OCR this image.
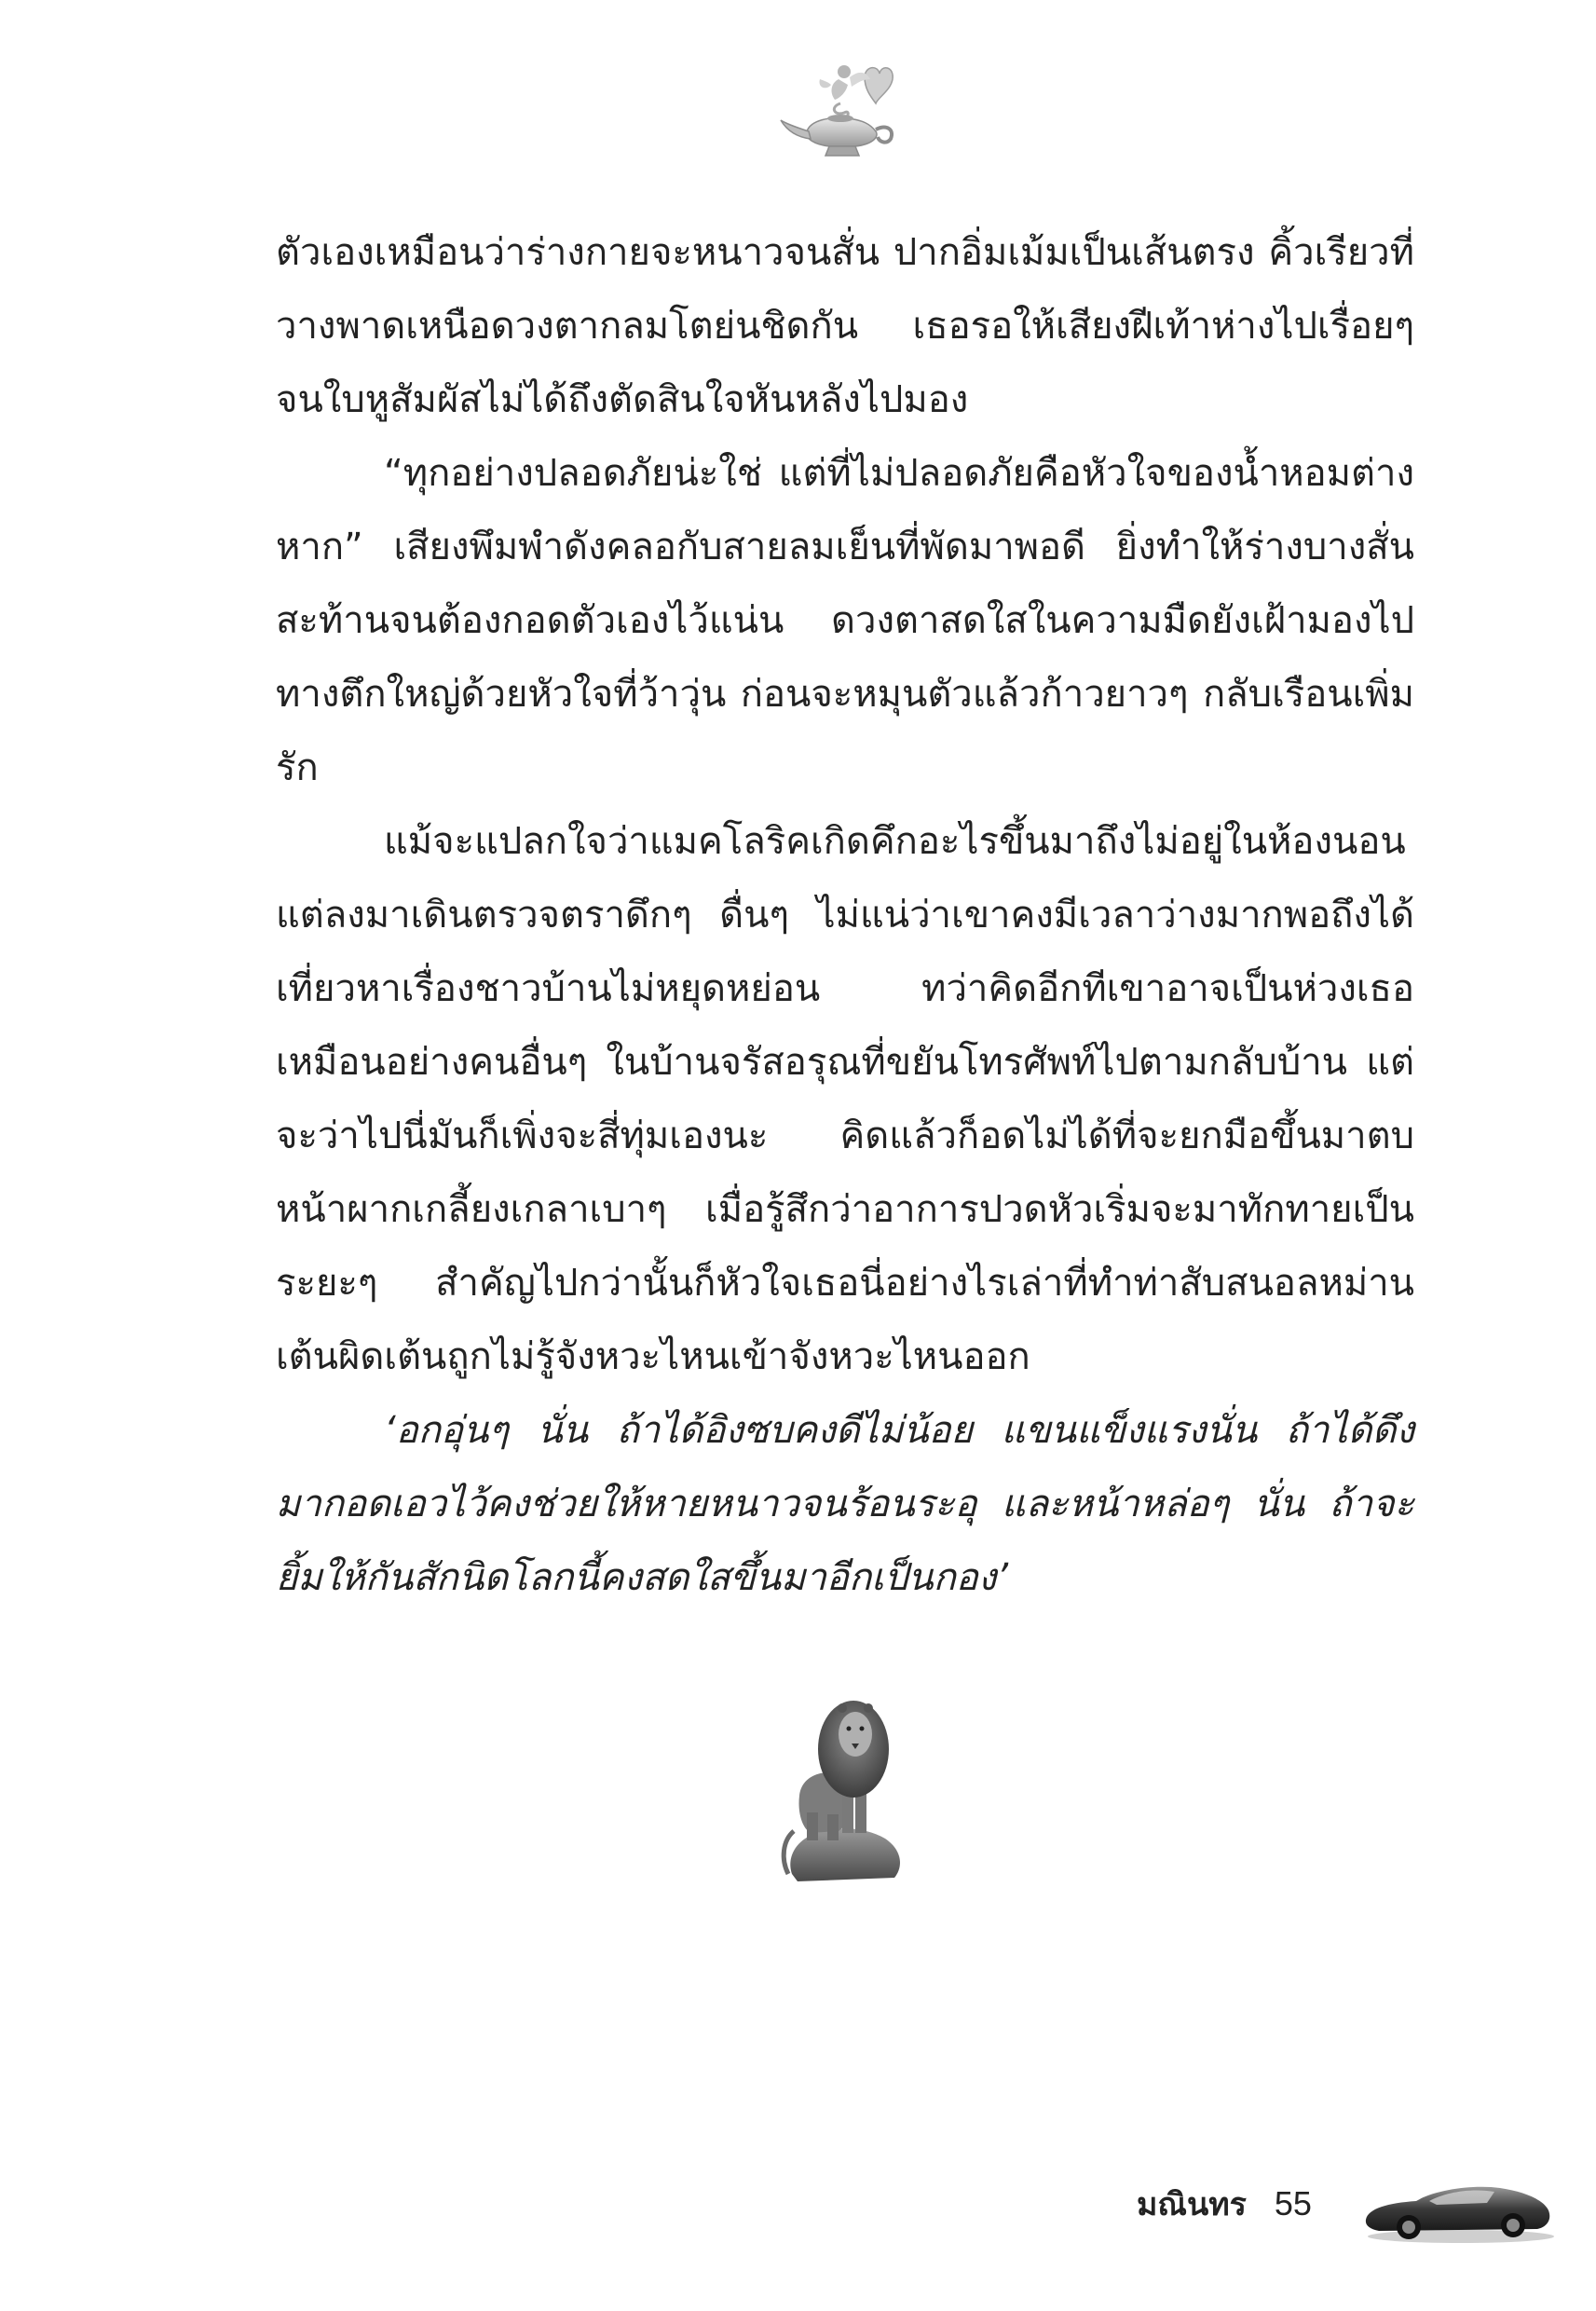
ตัวเองเหมือนว่าร่างกายจะหนาวจนสั่น ปากอิ่มเม้มเป็นเส้นตรง คิ้วเรียวที่วางพาดเหนือดวงตากลมโตย่นชิดกัน เธอรอให้เสียงฝีเท้าห่างไปเรื่อยๆ จนใบหูสัมผัสไม่ได้ถึงตัดสินใจหันหลังไปมอง

“ทุกอย่างปลอดภัยน่ะใช่ แต่ที่ไม่ปลอดภัยคือหัวใจของน้ำหอมต่างหาก” เสียงพึมพำดังคลอกับสายลมเย็นที่พัดมาพอดี ยิ่งทำให้ร่างบางสั่นสะท้านจนต้องกอดตัวเองไว้แน่น ดวงตาสดใสในความมืดยังเฝ้ามองไปทางตึกใหญ่ด้วยหัวใจที่ว้าวุ่น ก่อนจะหมุนตัวแล้วก้าวยาวๆ กลับเรือนเพิ่มรัก

แม้จะแปลกใจว่าแมคโลริคเกิดคึกอะไรขึ้นมาถึงไม่อยู่ในห้องนอน แต่ลงมาเดินตรวจตราดึกๆ ดื่นๆ ไม่แน่ว่าเขาคงมีเวลาว่างมากพอถึงได้เที่ยวหาเรื่องชาวบ้านไม่หยุดหย่อน ทว่าคิดอีกทีเขาอาจเป็นห่วงเธอเหมือนอย่างคนอื่นๆ ในบ้านจรัสอรุณที่ขยันโทรศัพท์ไปตามกลับบ้าน แต่จะว่าไปนี่มันก็เพิ่งจะสี่ทุ่มเองนะ คิดแล้วก็อดไม่ได้ที่จะยกมือขึ้นมาตบหน้าผากเกลี้ยงเกลาเบาๆ เมื่อรู้สึกว่าอาการปวดหัวเริ่มจะมาทักทายเป็นระยะๆ สำคัญไปกว่านั้นก็หัวใจเธอนี่อย่างไรเล่าที่ทำท่าสับสนอลหม่าน เต้นผิดเต้นถูกไม่รู้จังหวะไหนเข้าจังหวะไหนออก

‘อกอุ่นๆ นั่น ถ้าได้อิงซบคงดีไม่น้อย แขนแข็งแรงนั่น ถ้าได้ดึงมากอดเอวไว้คงช่วยให้หายหนาวจนร้อนระอุ และหน้าหล่อๆ นั่น ถ้าจะยิ้มให้กันสักนิดโลกนี้คงสดใสขึ้นมาอีกเป็นกอง’

มณินทร 55
